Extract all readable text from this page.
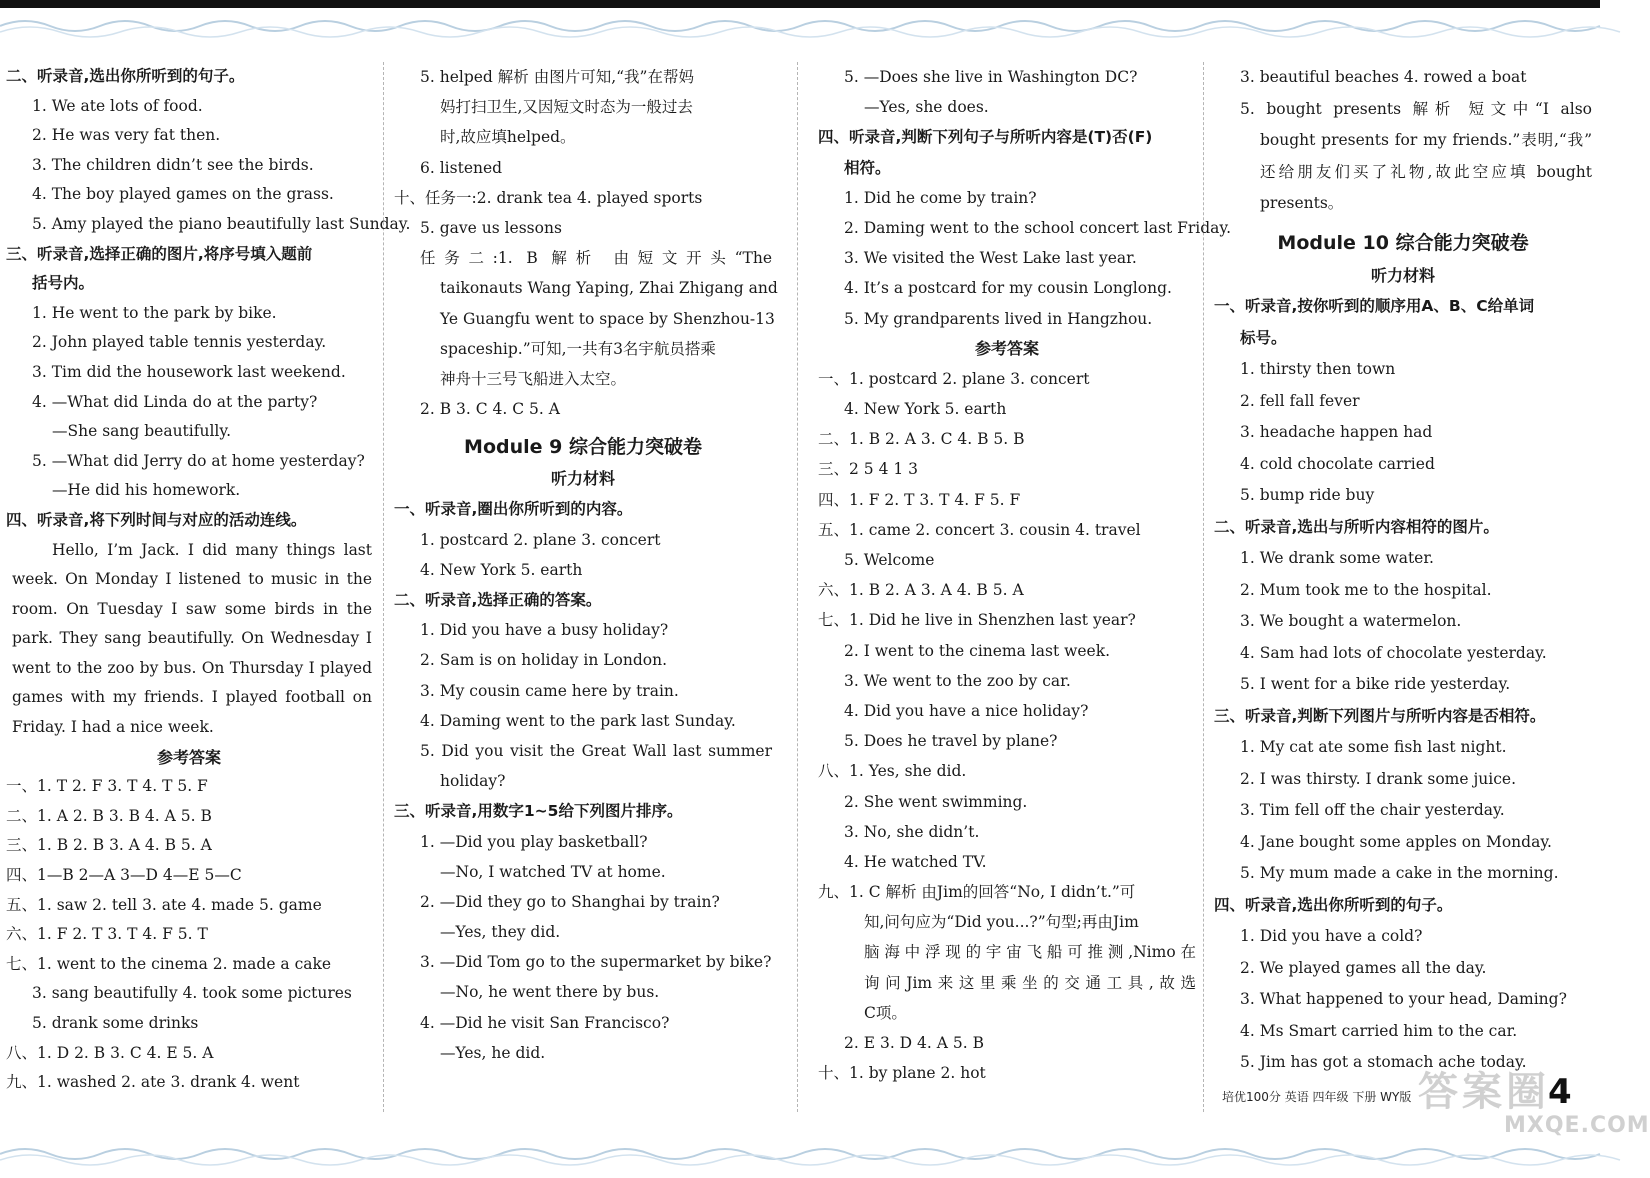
二、听录音,选出你所听到的句子。
1. We ate lots of food.
2. He was very fat then.
3. The children didn’t see the birds.
4. The boy played games on the grass.
5. Amy played the piano beautifully last Sunday.
三、听录音,选择正确的图片,将序号填入题前
括号内。
1. He went to the park by bike.
2. John played table tennis yesterday.
3. Tim did the housework last weekend.
4. —What did Linda do at the party?
—She sang beautifully.
5. —What did Jerry do at home yesterday?
—He did his homework.
四、听录音,将下列时间与对应的活动连线。
Hello, I’m Jack. I did many things last
week. On Monday I listened to music in the
room. On Tuesday I saw some birds in the
park. They sang beautifully. On Wednesday I
went to the zoo by bus. On Thursday I played
games with my friends. I played football on
Friday. I had a nice week.
参考答案
一、1. T 2. F 3. T 4. T 5. F
二、1. A 2. B 3. B 4. A 5. B
三、1. B 2. B 3. A 4. B 5. A
四、1—B 2—A 3—D 4—E 5—C
五、1. saw 2. tell 3. ate 4. made 5. game
六、1. F 2. T 3. T 4. F 5. T
七、1. went to the cinema 2. made a cake
3. sang beautifully 4. took some pictures
5. drank some drinks
八、1. D 2. B 3. C 4. E 5. A
九、1. washed 2. ate 3. drank 4. went
5. helped 解析 由图片可知,“我”在帮妈
妈打扫卫生,又因短文时态为一般过去
时,故应填helped。
6. listened
十、任务一:2. drank tea 4. played sports
5. gave us lessons
任务二:1. B 解析 由短文开头“The
taikonauts Wang Yaping, Zhai Zhigang and
Ye Guangfu went to space by Shenzhou-13
spaceship.”可知,一共有3名宇航员搭乘
神舟十三号飞船进入太空。
2. B 3. C 4. C 5. A
Module 9 综合能力突破卷
听力材料
一、听录音,圈出你所听到的内容。
1. postcard 2. plane 3. concert
4. New York 5. earth
二、听录音,选择正确的答案。
1. Did you have a busy holiday?
2. Sam is on holiday in London.
3. My cousin came here by train.
4. Daming went to the park last Sunday.
5. Did you visit the Great Wall last summer
holiday?
三、听录音,用数字1~5给下列图片排序。
1. —Did you play basketball?
—No, I watched TV at home.
2. —Did they go to Shanghai by train?
—Yes, they did.
3. —Did Tom go to the supermarket by bike?
—No, he went there by bus.
4. —Did he visit San Francisco?
—Yes, he did.
5. —Does she live in Washington DC?
—Yes, she does.
四、听录音,判断下列句子与所听内容是(T)否(F)
相符。
1. Did he come by train?
2. Daming went to the school concert last Friday.
3. We visited the West Lake last year.
4. It’s a postcard for my cousin Longlong.
5. My grandparents lived in Hangzhou.
参考答案
一、1. postcard 2. plane 3. concert
4. New York 5. earth
二、1. B 2. A 3. C 4. B 5. B
三、2 5 4 1 3
四、1. F 2. T 3. T 4. F 5. F
五、1. came 2. concert 3. cousin 4. travel
5. Welcome
六、1. B 2. A 3. A 4. B 5. A
七、1. Did he live in Shenzhen last year?
2. I went to the cinema last week.
3. We went to the zoo by car.
4. Did you have a nice holiday?
5. Does he travel by plane?
八、1. Yes, she did.
2. She went swimming.
3. No, she didn’t.
4. He watched TV.
九、1. C 解析 由Jim的回答“No, I didn’t.”可
知,问句应为“Did you...?”句型;再由Jim
脑海中浮现的宇宙飞船可推测,Nimo在
询问Jim来这里乘坐的交通工具,故选
C项。
2. E 3. D 4. A 5. B
十、1. by plane 2. hot
3. beautiful beaches 4. rowed a boat
5. bought presents 解析 短文中“I also
bought presents for my friends.”表明,“我”
还给朋友们买了礼物,故此空应填 bought
presents。
Module 10 综合能力突破卷
听力材料
一、听录音,按你听到的顺序用A、B、C给单词
标号。
1. thirsty then town
2. fell fall fever
3. headache happen had
4. cold chocolate carried
5. bump ride buy
二、听录音,选出与所听内容相符的图片。
1. We drank some water.
2. Mum took me to the hospital.
3. We bought a watermelon.
4. Sam had lots of chocolate yesterday.
5. I went for a bike ride yesterday.
三、听录音,判断下列图片与所听内容是否相符。
1. My cat ate some fish last night.
2. I was thirsty. I drank some juice.
3. Tim fell off the chair yesterday.
4. Jane bought some apples on Monday.
5. My mum made a cake in the morning.
四、听录音,选出你所听到的句子。
1. Did you have a cold?
2. We played games all the day.
3. What happened to your head, Daming?
4. Ms Smart carried him to the car.
5. Jim has got a stomach ache today.
答案圈
MXQE.COM
培优100分 英语 四年级 下册 WY版	4
